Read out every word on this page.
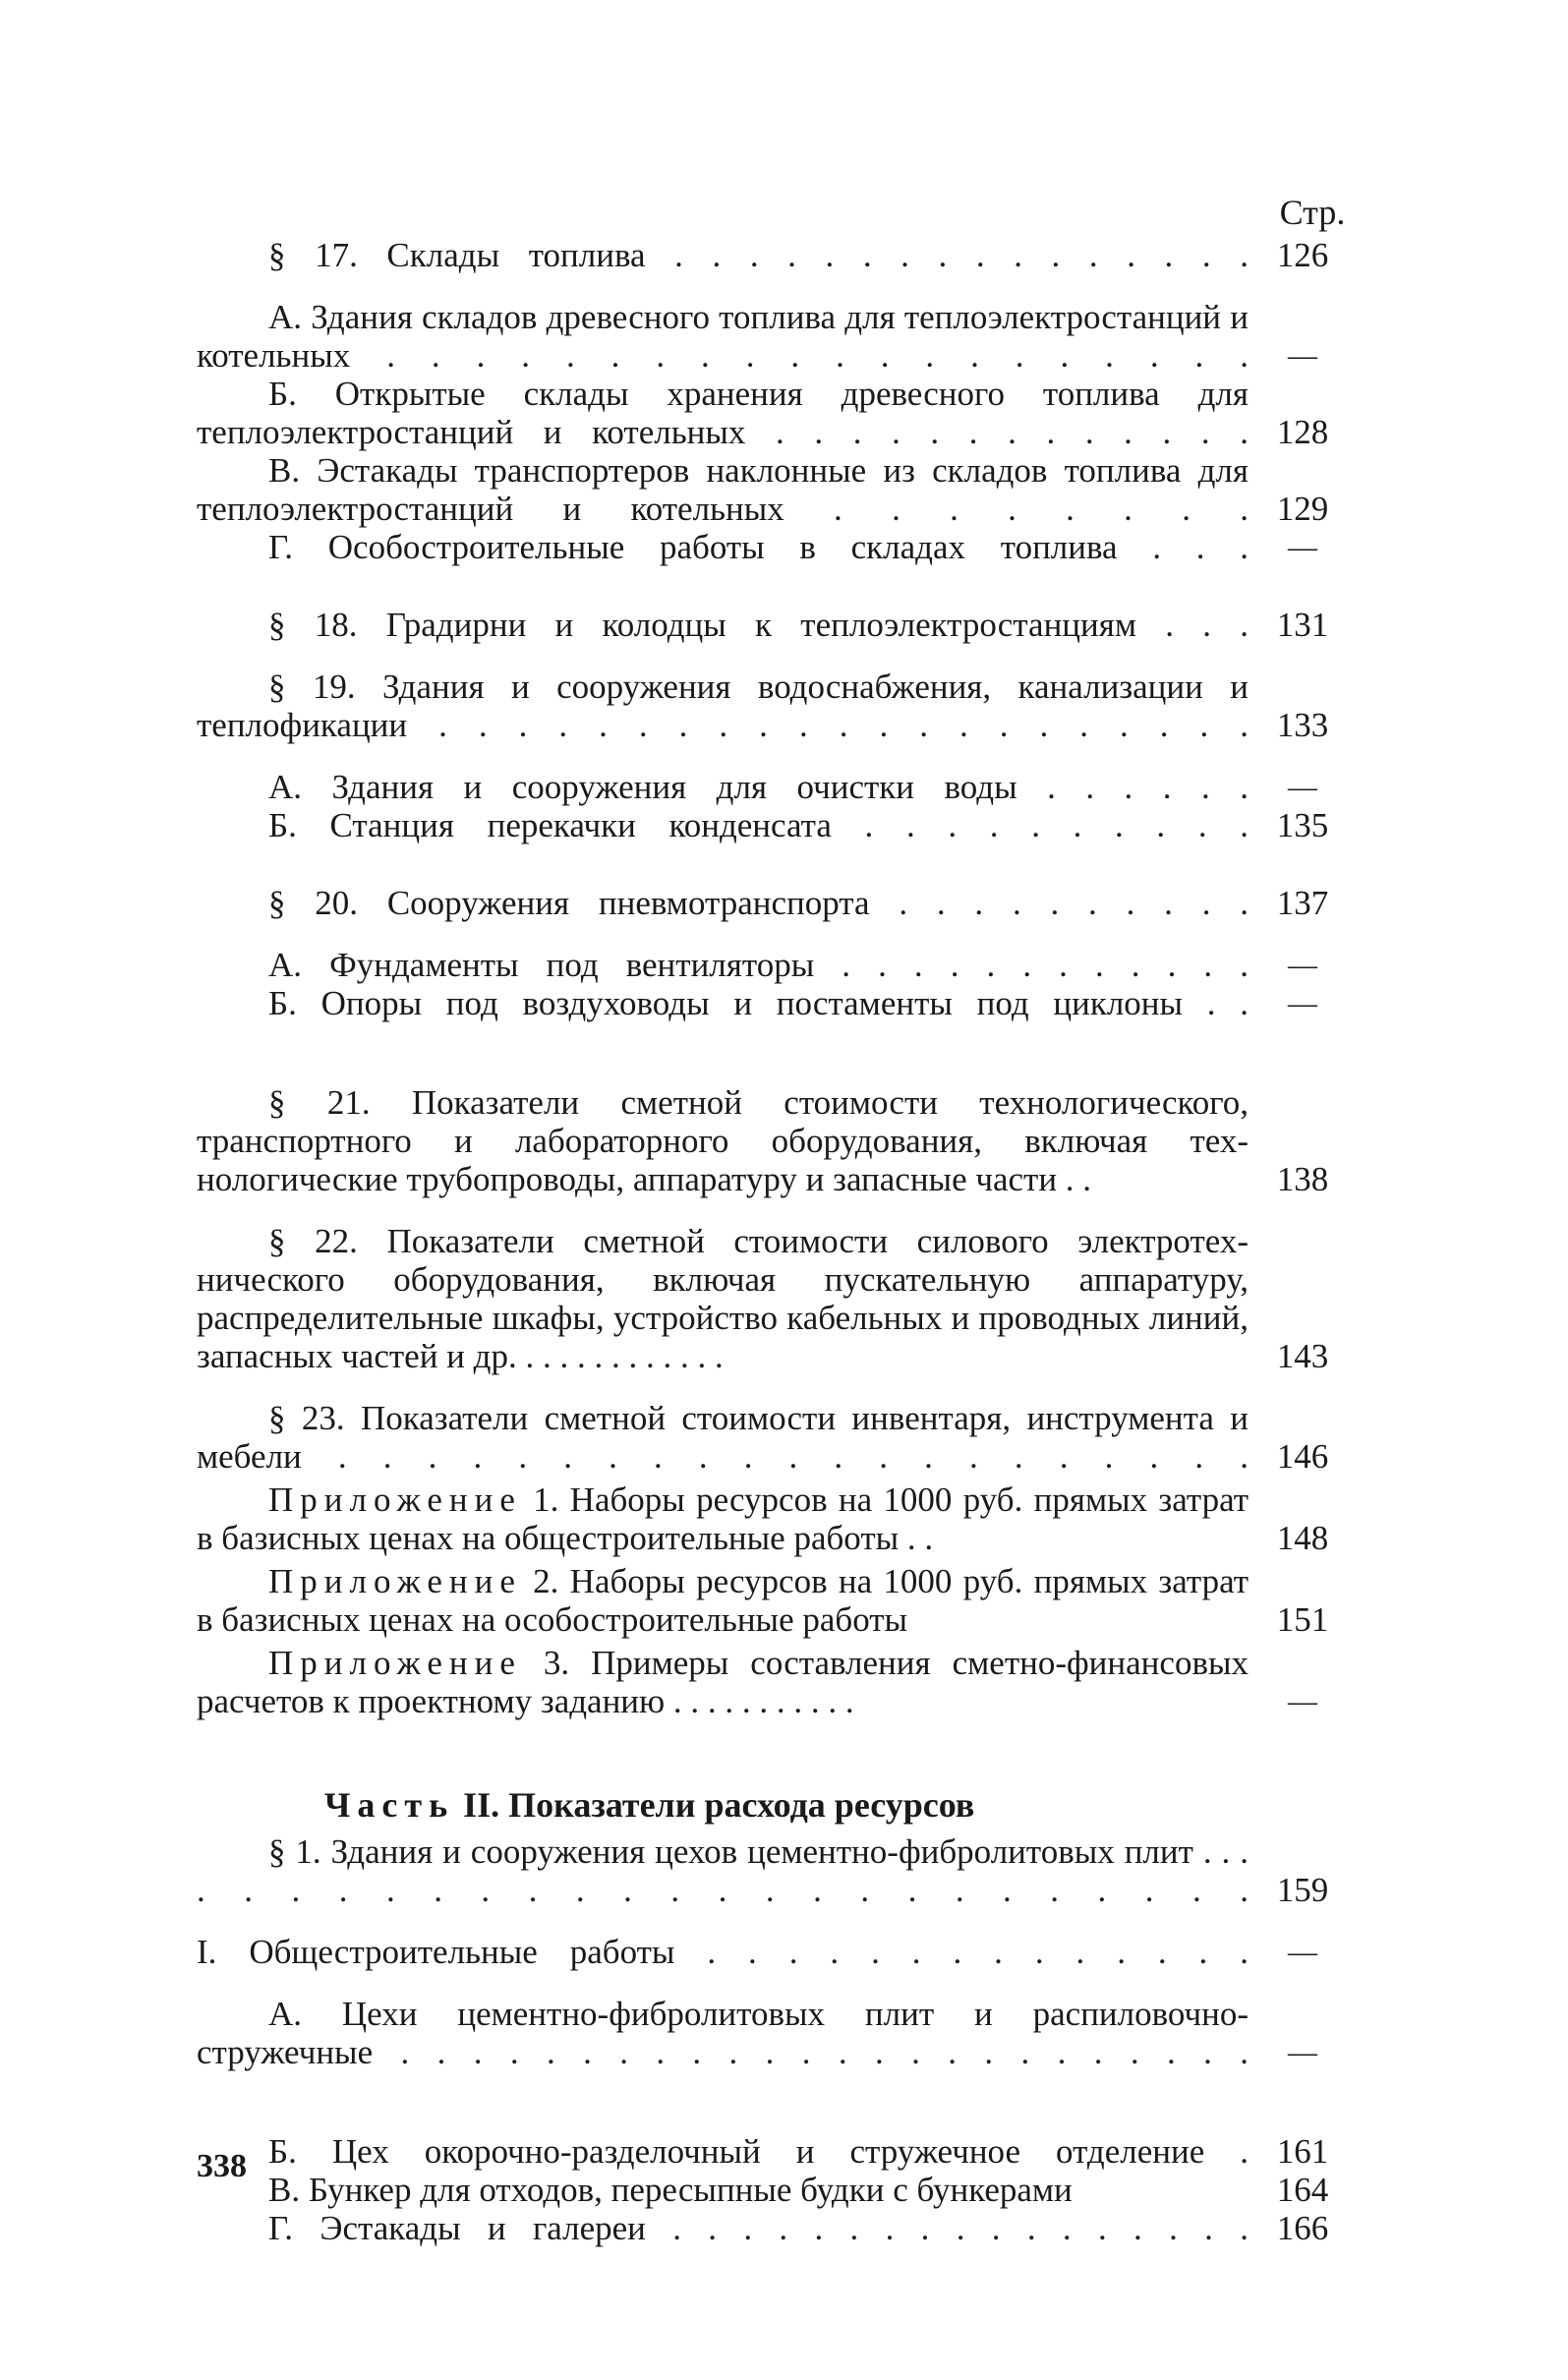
Стр.
§ 17. Склады топлива . . . . . . . . . . . . . . . . 126
А. Здания складов древесного топлива для теплоэлектростанций и котельных . . . . . . . . . . . . . . . . . . . .	—
Б. Открытые склады хранения древесного топлива для теплоэлектростанций и котельных . . . . . . . . . . . . . 128
В. Эстакады транспортеров наклонные из складов топлива для теплоэлектростанций и котельных . . . . . . . . 129
Г. Особостроительные работы в складах топлива . . .	—
§ 18. Градирни и колодцы к теплоэлектростанциям . . . 131
§ 19. Здания и сооружения водоснабжения, канализации и теплофикации . . . . . . . . . . . . . . . . . . . . . 133
А. Здания и сооружения для очистки воды . . . . . .	—
Б. Станция перекачки конденсата . . . . . . . . . . 135
§ 20. Сооружения пневмотранспорта . . . . . . . . . . 137
А. Фундаменты под вентиляторы . . . . . . . . . . . .	—
Б. Опоры под воздуховоды и постаменты под циклоны . .	—
§ 21. Показатели сметной стоимости технологического, транспортного и лабораторного оборудования, включая технологические трубопроводы, аппаратуру и запасные части . .	138
§ 22. Показатели сметной стоимости силового электротехнического оборудования, включая пускательную аппаратуру, распределительные шкафы, устройство кабельных и проводных линий, запасных частей и др. . . . . . . . . . . . .	143
§ 23. Показатели сметной стоимости инвентаря, инструмента и мебели . . . . . . . . . . . . . . . . . . . . . 146
Приложение 1. Наборы ресурсов на 1000 руб. прямых затрат в базисных ценах на общестроительные работы . .	148
Приложение 2. Наборы ресурсов на 1000 руб. прямых затрат в базисных ценах на особостроительные работы	151
Приложение 3. Примеры составления сметно-финансовых расчетов к проектному заданию . . . . . . . . . . .	—
Часть II. Показатели расхода ресурсов
§ 1. Здания и сооружения цехов цементно-фибролитовых плит . . . . . . . . . . . . . . . . . . . . . . . . . . 159
I. Общестроительные работы . . . . . . . . . . . . . .	—
А. Цехи цементно-фибролитовых плит и распиловочно-стружечные . . . . . . . . . . . . . . . . . . . . . . . .	—
Б. Цех окорочно-разделочный и стружечное отделение . 161
В. Бункер для отходов, пересыпные будки с бункерами	164
Г. Эстакады и галереи . . . . . . . . . . . . . . . . . 166
338
